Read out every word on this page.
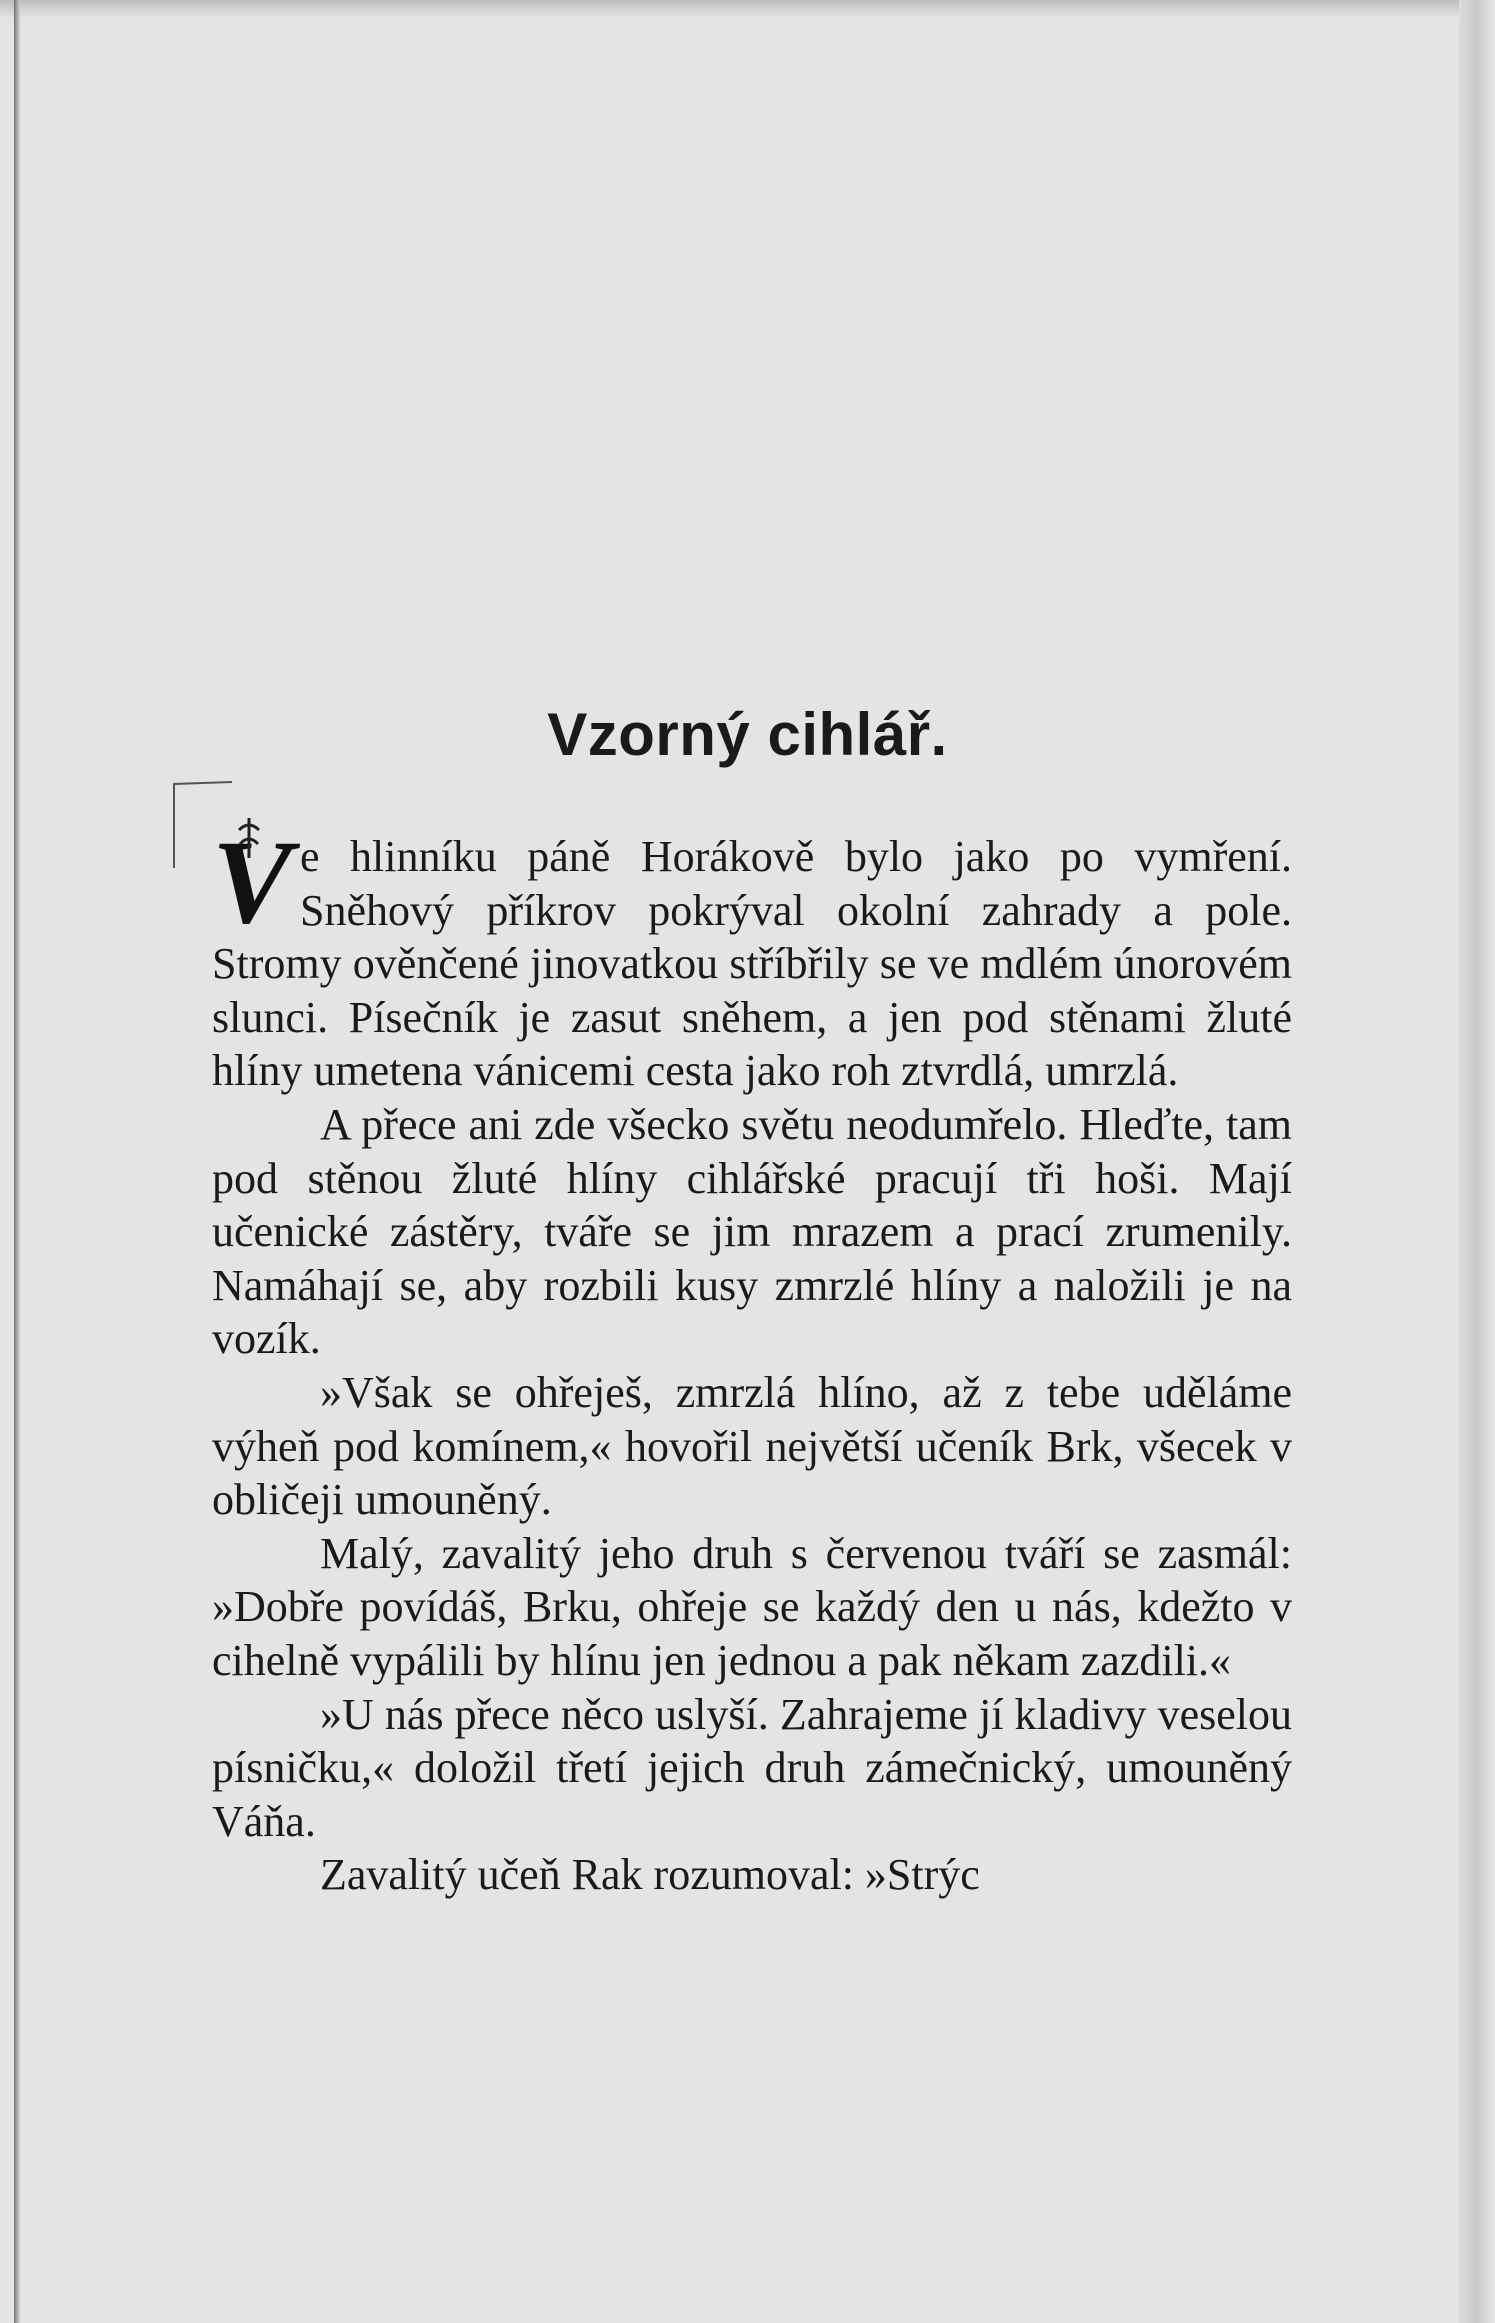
Vzorný cihlář.

V e hlinníku páně Horákově bylo jako po vymření. Sněhový příkrov pokrýval okolní zahrady a pole. Stromy ověnčené jinovatkou stříbřily se ve mdlém únorovém slunci. Písečník je zasut sněhem, a jen pod stěnami žluté hlíny umetena vánicemi cesta jako roh ztvrdlá, umrzlá.

A přece ani zde všecko světu neodumřelo. Hleďte, tam pod stěnou žluté hlíny cihlářské pracují tři hoši. Mají učenické zástěry, tváře se jim mrazem a prací zrumenily. Namáhají se, aby rozbili kusy zmrzlé hlíny a naložili je na vozík.

»Však se ohřeješ, zmrzlá hlíno, až z tebe uděláme výheň pod komínem,« hovořil největší učeník Brk, všecek v obličeji umouněný.

Malý, zavalitý jeho druh s červenou tváří se zasmál: »Dobře povídáš, Brku, ohřeje se každý den u nás, kdežto v cihelně vypálili by hlínu jen jednou a pak někam zazdili.«

»U nás přece něco uslyší. Zahrajeme jí kladivy veselou písničku,« doložil třetí jejich druh zámečnický, umouněný Váňa.

Zavalitý učeň Rak rozumoval: »Strýc
